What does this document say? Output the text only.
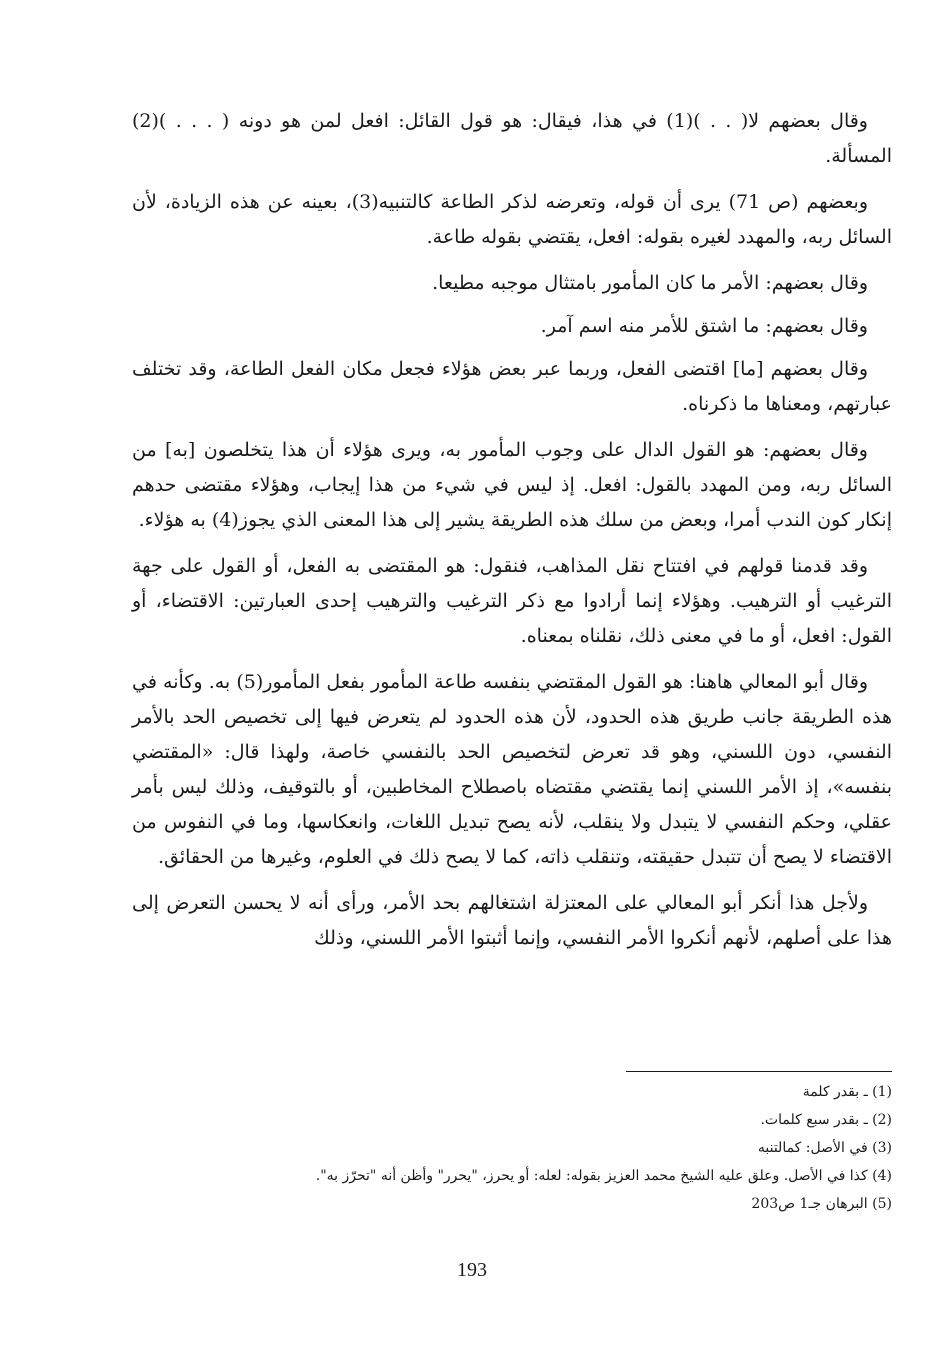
وقال بعضهم لا( . . )(1) في هذا، فيقال: هو قول القائل: افعل لمن هو دونه ( . . . )(2) المسألة.

وبعضهم (ص 71) يرى أن قوله، وتعرضه لذكر الطاعة كالتنبيه(3)، بعينه عن هذه الزيادة، لأن السائل ربه، والمهدد لغيره بقوله: افعل، يقتضي بقوله طاعة.

وقال بعضهم: الأمر ما كان المأمور بامتثال موجبه مطيعا.

وقال بعضهم: ما اشتق للأمر منه اسم آمر.

وقال بعضهم [ما] اقتضى الفعل، وربما عبر بعض هؤلاء فجعل مكان الفعل الطاعة، وقد تختلف عبارتهم، ومعناها ما ذكرناه.

وقال بعضهم: هو القول الدال على وجوب المأمور به، ويرى هؤلاء أن هذا يتخلصون [به] من السائل ربه، ومن المهدد بالقول: افعل. إذ ليس في شيء من هذا إيجاب، وهؤلاء مقتضى حدهم إنكار كون الندب أمرا، وبعض من سلك هذه الطريقة يشير إلى هذا المعنى الذي يجوز(4) به هؤلاء.

وقد قدمنا قولهم في افتتاح نقل المذاهب، فنقول: هو المقتضى به الفعل، أو القول على جهة الترغيب أو الترهيب. وهؤلاء إنما أرادوا مع ذكر الترغيب والترهيب إحدى العبارتين: الاقتضاء، أو القول: افعل، أو ما في معنى ذلك، نقلناه بمعناه.

وقال أبو المعالي هاهنا: هو القول المقتضي بنفسه طاعة المأمور بفعل المأمور(5) به. وكأنه في هذه الطريقة جانب طريق هذه الحدود، لأن هذه الحدود لم يتعرض فيها إلى تخصيص الحد بالأمر النفسي، دون اللسني، وهو قد تعرض لتخصيص الحد بالنفسي خاصة، ولهذا قال: «المقتضي بنفسه»، إذ الأمر اللسني إنما يقتضي مقتضاه باصطلاح المخاطبين، أو بالتوقيف، وذلك ليس بأمر عقلي، وحكم النفسي لا يتبدل ولا ينقلب، لأنه يصح تبديل اللغات، وانعكاسها، وما في النفوس من الاقتضاء لا يصح أن تتبدل حقيقته، وتنقلب ذاته، كما لا يصح ذلك في العلوم، وغيرها من الحقائق.

ولأجل هذا أنكر أبو المعالي على المعتزلة اشتغالهم بحد الأمر، ورأى أنه لا يحسن التعرض إلى هذا على أصلهم، لأنهم أنكروا الأمر النفسي، وإنما أثبتوا الأمر اللسني، وذلك

(1) ـ بقدر كلمة

(2) ـ بقدر سبع كلمات.

(3) في الأصل: كمالتنبه

(4) كذا في الأصل. وعلق عليه الشيخ محمد العزيز بقوله: لعله: أو يحرز، "يحرر" وأظن أنه "تحرّز به".

(5) البرهان جـ1 ص203

193
